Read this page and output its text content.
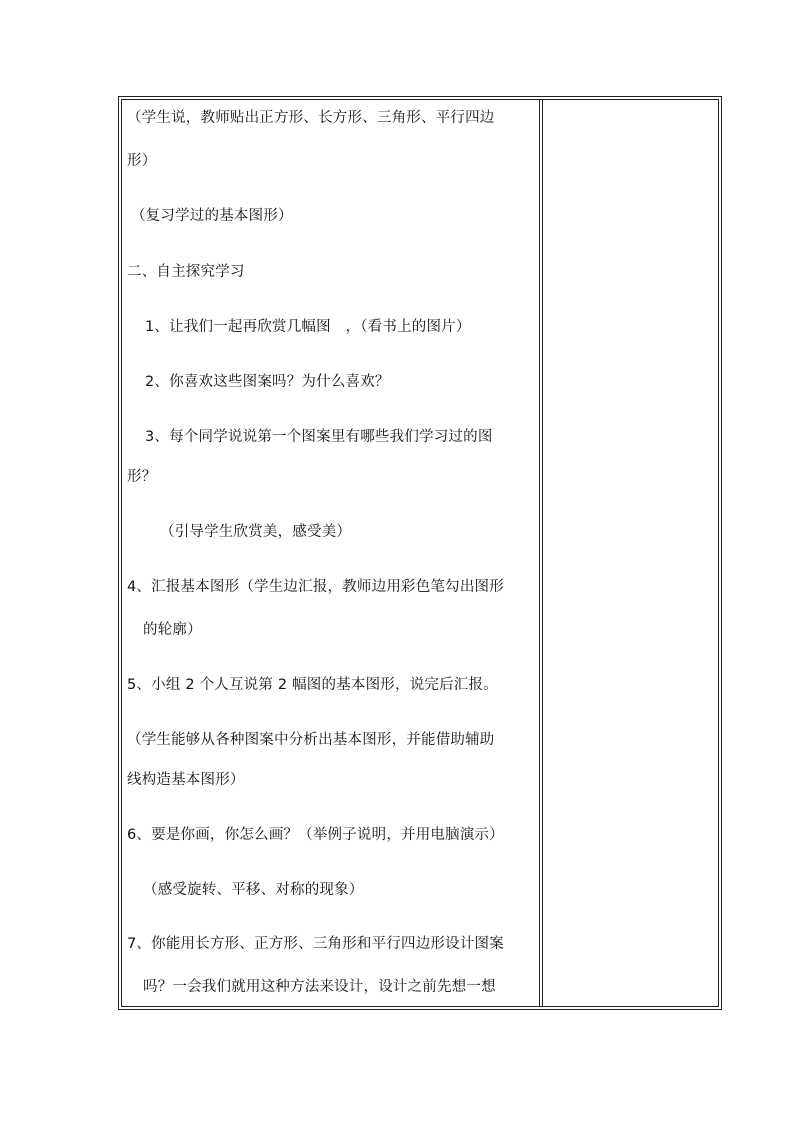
（学生说，教师贴出正方形、长方形、三角形、平行四边
形）
（复习学过的基本图形）
二、自主探究学习
1、让我们一起再欣赏几幅图　，（看书上的图片）
2、你喜欢这些图案吗？为什么喜欢？
3、每个同学说说第一个图案里有哪些我们学习过的图
形？
（引导学生欣赏美，感受美）
4、汇报基本图形（学生边汇报，教师边用彩色笔勾出图形
的轮廓）
5、小组 2 个人互说第 2 幅图的基本图形，说完后汇报。
（学生能够从各种图案中分析出基本图形，并能借助辅助
线构造基本图形）
6、要是你画，你怎么画？（举例子说明，并用电脑演示）
（感受旋转、平移、对称的现象）
7、你能用长方形、正方形、三角形和平行四边形设计图案
吗？一会我们就用这种方法来设计，设计之前先想一想
